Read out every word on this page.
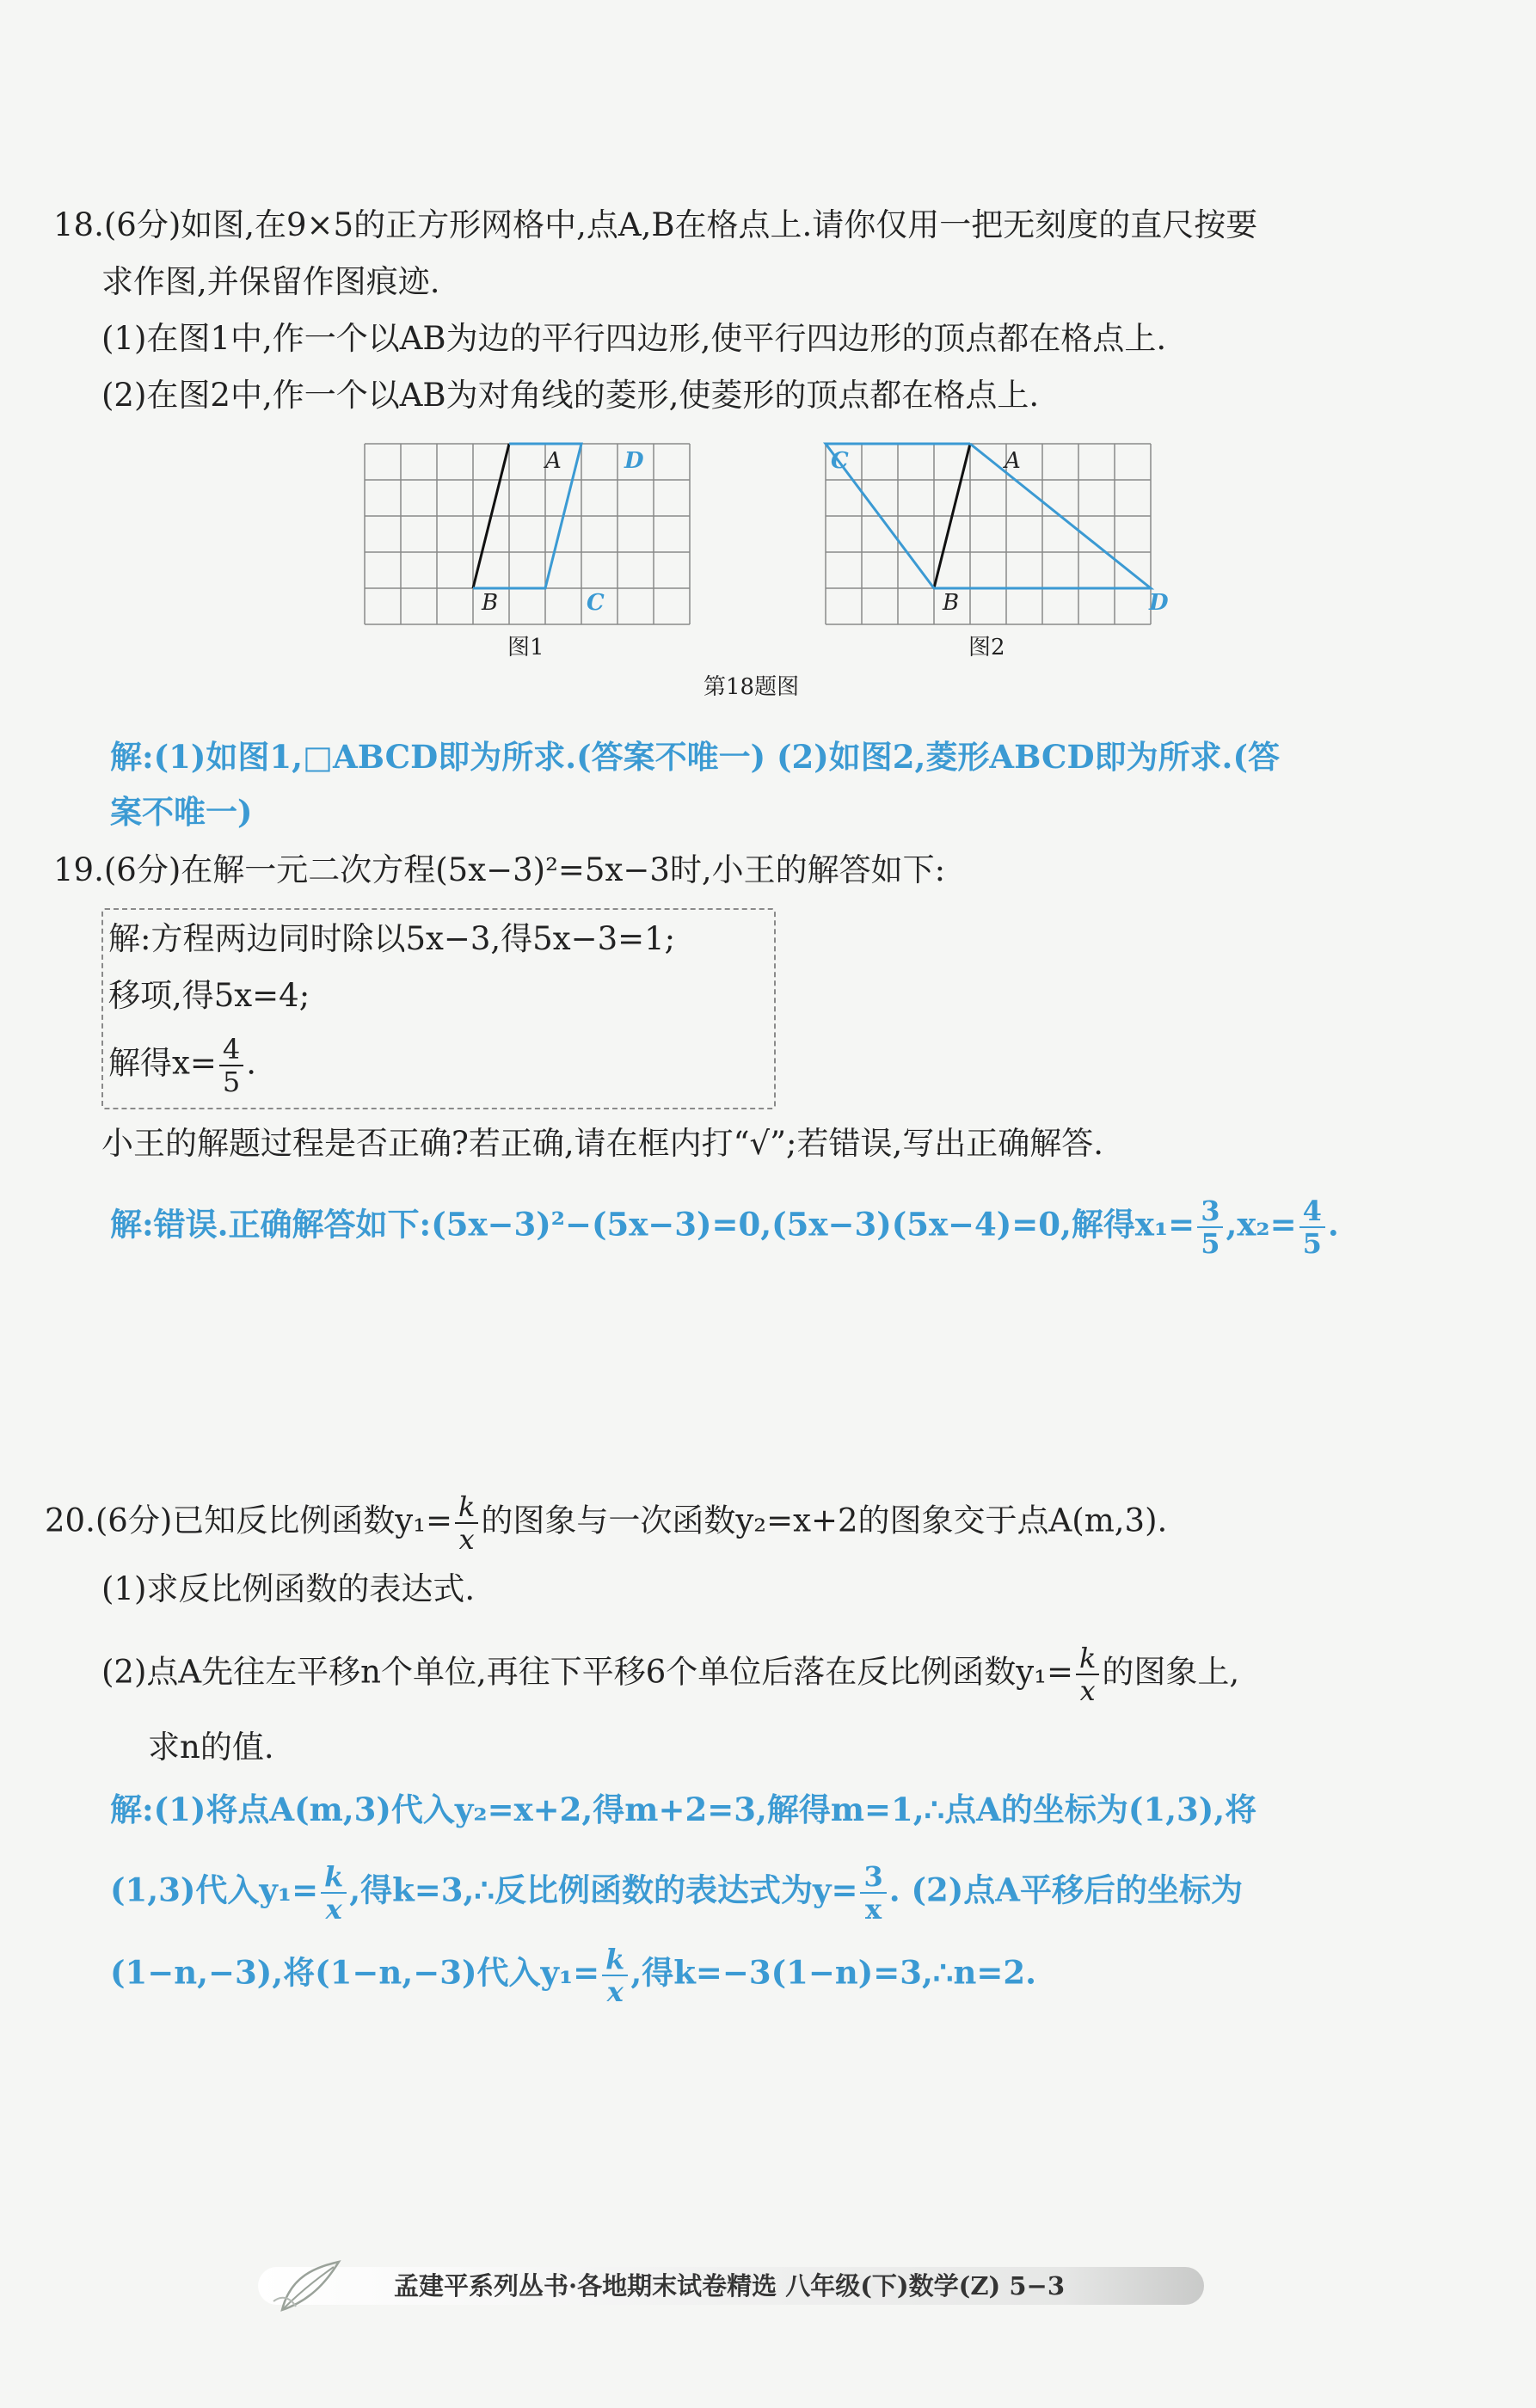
18.(6分)如图,在9×5的正方形网格中,点A,B在格点上.请你仅用一把无刻度的直尺按要
求作图,并保留作图痕迹.
(1)在图1中,作一个以AB为边的平行四边形,使平行四边形的顶点都在格点上.
(2)在图2中,作一个以AB为对角线的菱形,使菱形的顶点都在格点上.
A
B	C
D
图1
C	A
B	D
图2
第18题图
解:(1)如图1,□ABCD即为所求.(答案不唯一) (2)如图2,菱形ABCD即为所求.(答
案不唯一)
19.(6分)在解一元二次方程(5x−3)²=5x−3时,小王的解答如下:
解:方程两边同时除以5x−3,得5x−3=1;
移项,得5x=4;
解得$x= \frac{4}{5}$ .
小王的解题过程是否正确?若正确,请在框内打“√”;若错误,写出正确解答.
解:错误.正确解答如下:(5x−3)²−(5x−3)=0,(5x−3)(5x−4)=0,解得$x_1= \frac{3}{5} ,x_2= \frac{4}{5}$ .
20.(6分)已知反比例函数$y_1= \frac{k}{x}$ 的图象与一次函数y₂=x+2的图象交于点A(m,3).
(1)求反比例函数的表达式.
(2)点A先往左平移n个单位,再往下平移6个单位后落在反比例函数$y_1= \frac{k}{x}$ 的图象上,
求n的值.
解:(1)将点A(m,3)代入y₂=x+2,得m+2=3,解得m=1,∴点A的坐标为(1,3),将
(1,3)代入$y_1= \frac{k}{x}$ ,得k=3,∴反比例函数的表达式为$y= \frac{3}{x}$ . (2)点A平移后的坐标为
(1−n,−3),将(1−n,−3)代入$y_1= \frac{k}{x}$ ,得k=−3(1−n)=3,∴n=2.
孟建平系列丛书·各地期末试卷精选 八年级(下)数学(Z) 5−3
